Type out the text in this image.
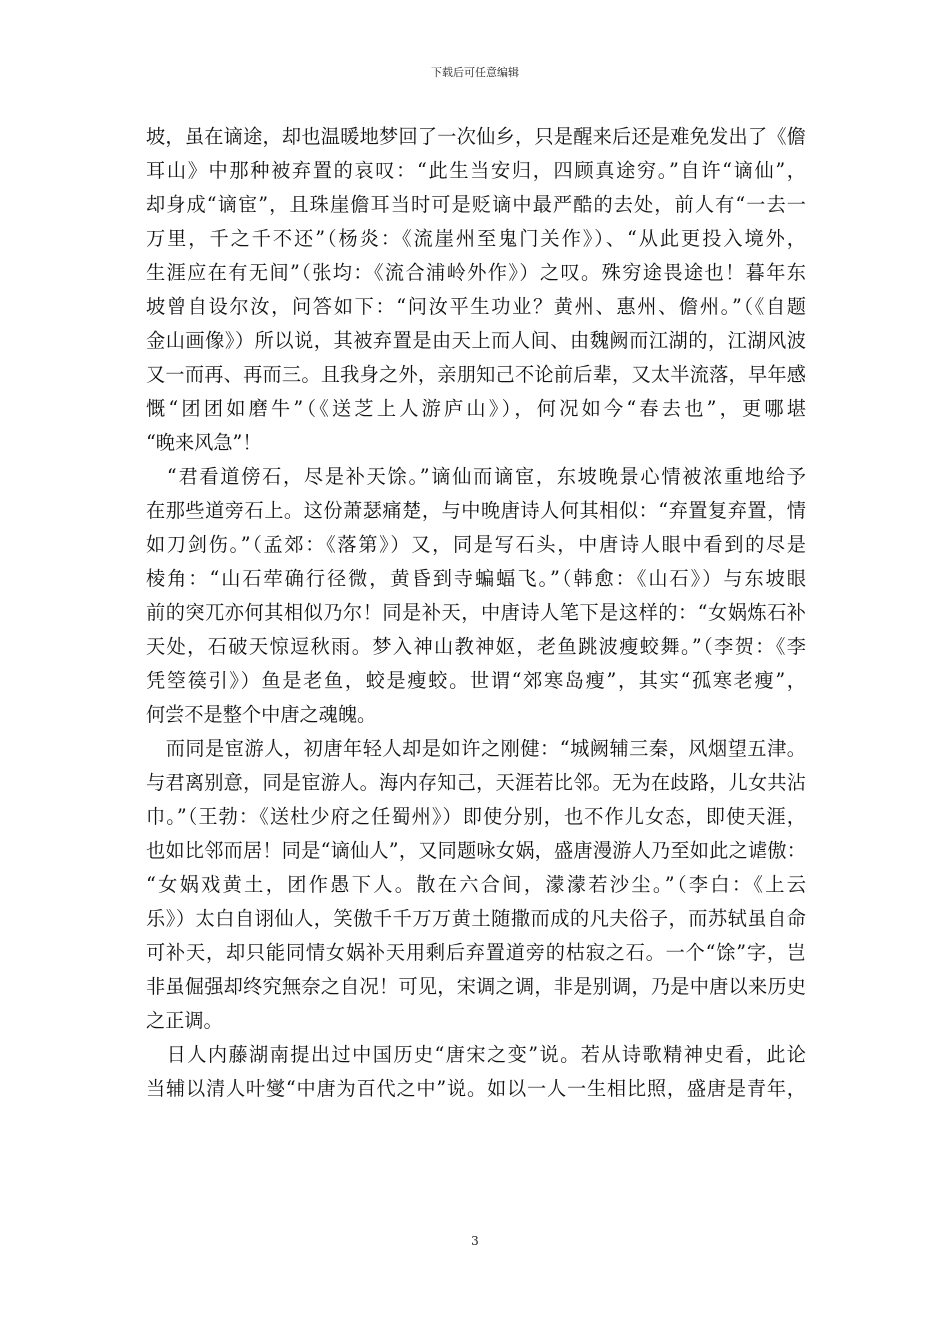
下载后可任意编辑
坡，虽在谪途，却也温暖地梦回了一次仙乡，只是醒来后还是难免发出了《儋
耳山》中那种被弃置的哀叹：“此生当安归，四顾真途穷。”自许“谪仙”，
却身成“谪宦”，且珠崖儋耳当时可是贬谪中最严酷的去处，前人有“一去一
万里，千之千不还”（杨炎：《流崖州至鬼门关作》）、“从此更投入境外，
生涯应在有无间”（张均：《流合浦岭外作》）之叹。殊穷途畏途也！暮年东
坡曾自设尔汝，问答如下：“问汝平生功业？黄州、惠州、儋州。”（《自题
金山画像》）所以说，其被弃置是由天上而人间、由魏阙而江湖的，江湖风波
又一而再、再而三。且我身之外，亲朋知己不论前后辈，又太半流落，早年感
慨“团团如磨牛”（《送芝上人游庐山》），何况如今“春去也”，更哪堪
“晚来风急”！
　“君看道傍石，尽是补天馀。”谪仙而谪宦，东坡晚景心情被浓重地给予
在那些道旁石上。这份萧瑟痛楚，与中晚唐诗人何其相似：“弃置复弃置，情
如刀剑伤。”（孟郊：《落第》）又，同是写石头，中唐诗人眼中看到的尽是
棱角：“山石荦确行径微，黄昏到寺蝙蝠飞。”（韩愈：《山石》）与东坡眼
前的突兀亦何其相似乃尔！同是补天，中唐诗人笔下是这样的：“女娲炼石补
天处，石破天惊逗秋雨。梦入神山教神妪，老鱼跳波瘦蛟舞。”（李贺：《李
凭箜篌引》）鱼是老鱼，蛟是瘦蛟。世谓“郊寒岛瘦”，其实“孤寒老瘦”，
何尝不是整个中唐之魂魄。
　而同是宦游人，初唐年轻人却是如许之刚健：“城阙辅三秦，风烟望五津。
与君离别意，同是宦游人。海内存知己，天涯若比邻。无为在歧路，儿女共沾
巾。”（王勃：《送杜少府之任蜀州》）即使分别，也不作儿女态，即使天涯，
也如比邻而居！同是“谪仙人”，又同题咏女娲，盛唐漫游人乃至如此之谑傲：
“女娲戏黄土，团作愚下人。散在六合间，濛濛若沙尘。”（李白：《上云
乐》）太白自诩仙人，笑傲千千万万黄土随撒而成的凡夫俗子，而苏轼虽自命
可补天，却只能同情女娲补天用剩后弃置道旁的枯寂之石。一个“馀”字，岂
非虽倔强却终究無奈之自况！可见，宋调之调，非是别调，乃是中唐以来历史
之正调。
　日人内藤湖南提出过中国历史“唐宋之变”说。若从诗歌精神史看，此论
当辅以清人叶燮“中唐为百代之中”说。如以一人一生相比照，盛唐是青年，
3
